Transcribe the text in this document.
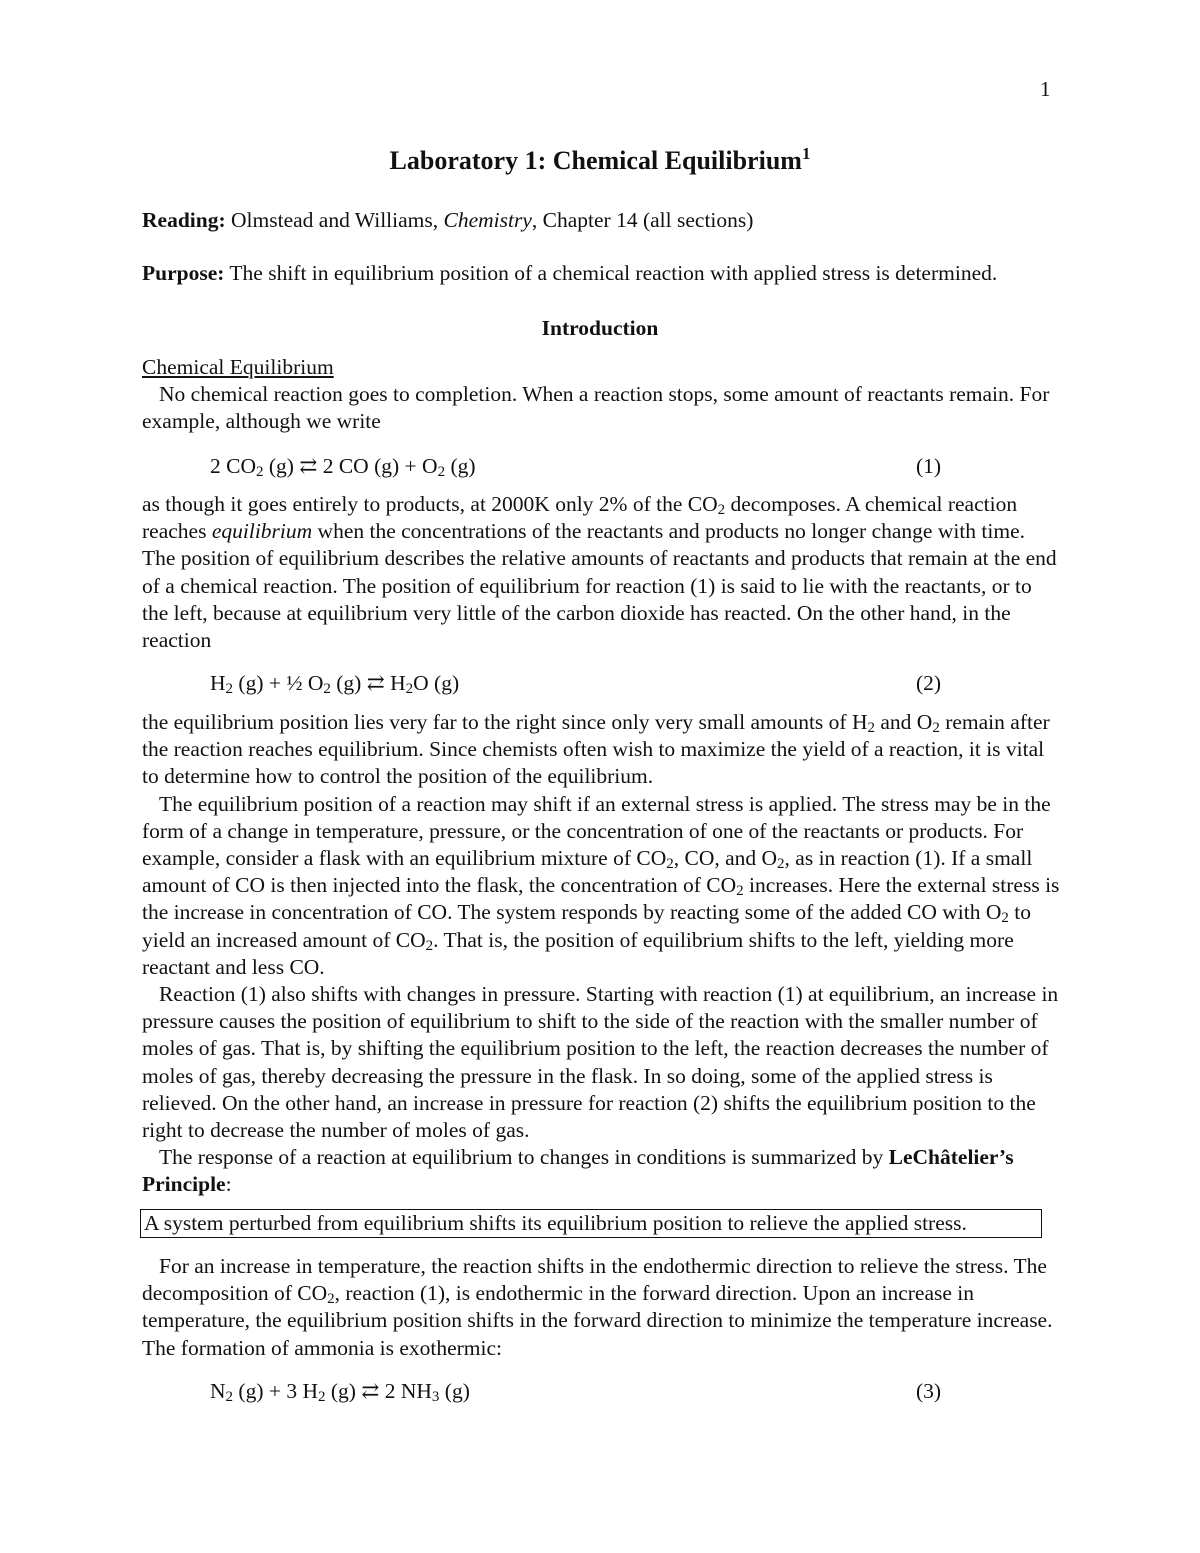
1
Laboratory 1: Chemical Equilibrium$^1$
Reading: Olmstead and Williams, Chemistry, Chapter 14 (all sections)
Purpose: The shift in equilibrium position of a chemical reaction with applied stress is determined.
Introduction
Chemical Equilibrium

No chemical reaction goes to completion. When a reaction stops, some amount of reactants remain. For example, although we write

2 $CO_2$ (g) ⇄ 2 CO $(g) + O_2$ (g)	(1)

as though it goes entirely to products, at 2000K only 2% of the $CO_2$ decomposes. A chemical reaction reaches equilibrium when the concentrations of the reactants and products no longer change with time. The position of equilibrium describes the relative amounts of reactants and products that remain at the end of a chemical reaction. The position of equilibrium for reaction (1) is said to lie with the reactants, or to the left, because at equilibrium very little of the carbon dioxide has reacted. On the other hand, in the reaction

$H_2$ (g) + ½ $O_2$ (g) ⇄ $H_2O$ (g)	(2)

the equilibrium position lies very far to the right since only very small amounts of $H_2$ and $O_2$ remain after the reaction reaches equilibrium. Since chemists often wish to maximize the yield of a reaction, it is vital to determine how to control the position of the equilibrium.

The equilibrium position of a reaction may shift if an external stress is applied. The stress may be in the form of a change in temperature, pressure, or the concentration of one of the reactants or products. For example, consider a flask with an equilibrium mixture of $CO_2$, CO, and $O_2$, as in reaction (1). If a small amount of CO is then injected into the flask, the concentration of $CO_2$ increases. Here the external stress is the increase in concentration of CO. The system responds by reacting some of the added CO with $O_2$ to yield an increased amount of $CO_2$. That is, the position of equilibrium shifts to the left, yielding more reactant and less CO.

Reaction (1) also shifts with changes in pressure. Starting with reaction (1) at equilibrium, an increase in pressure causes the position of equilibrium to shift to the side of the reaction with the smaller number of moles of gas. That is, by shifting the equilibrium position to the left, the reaction decreases the number of moles of gas, thereby decreasing the pressure in the flask. In so doing, some of the applied stress is relieved. On the other hand, an increase in pressure for reaction (2) shifts the equilibrium position to the right to decrease the number of moles of gas.

The response of a reaction at equilibrium to changes in conditions is summarized by LeChâtelier’s Principle:

A system perturbed from equilibrium shifts its equilibrium position to relieve the applied stress.

For an increase in temperature, the reaction shifts in the endothermic direction to relieve the stress. The decomposition of $CO_2$, reaction (1), is endothermic in the forward direction. Upon an increase in temperature, the equilibrium position shifts in the forward direction to minimize the temperature increase. The formation of ammonia is exothermic:

$N_2$ (g) + 3 $H_2$ (g) ⇄ 2 $NH_3$ (g)	(3)
